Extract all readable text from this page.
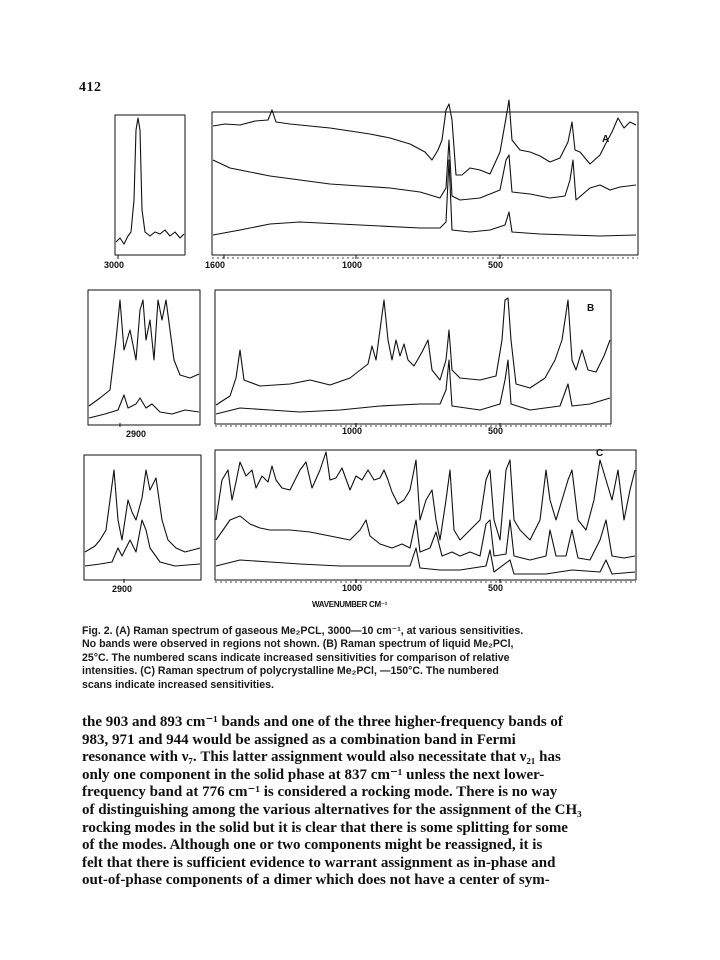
412
A
B
C
3000	1600	1000	500
2900	1000	500
2900	1000	500
WAVENUMBER CM⁻¹

Fig. 2. (A) Raman spectrum of gaseous Me₂PCL, 3000—10 cm⁻¹, at various sensitivities.

No bands were observed in regions not shown. (B) Raman spectrum of liquid Me₂PCl,

25°C. The numbered scans indicate increased sensitivities for comparison of relative

intensities. (C) Raman spectrum of polycrystalline Me₂PCl, —150°C. The numbered

scans indicate increased sensitivities.

the 903 and 893 cm⁻¹ bands and one of the three higher-frequency bands of

983, 971 and 944 would be assigned as a combination band in Fermi

resonance with ν₇. This latter assignment would also necessitate that ν₂₁ has

only one component in the solid phase at 837 cm⁻¹ unless the next lower-

frequency band at 776 cm⁻¹ is considered a rocking mode. There is no way

of distinguishing among the various alternatives for the assignment of the CH₃

rocking modes in the solid but it is clear that there is some splitting for some

of the modes. Although one or two components might be reassigned, it is

felt that there is sufficient evidence to warrant assignment as in-phase and

out-of-phase components of a dimer which does not have a center of sym-
